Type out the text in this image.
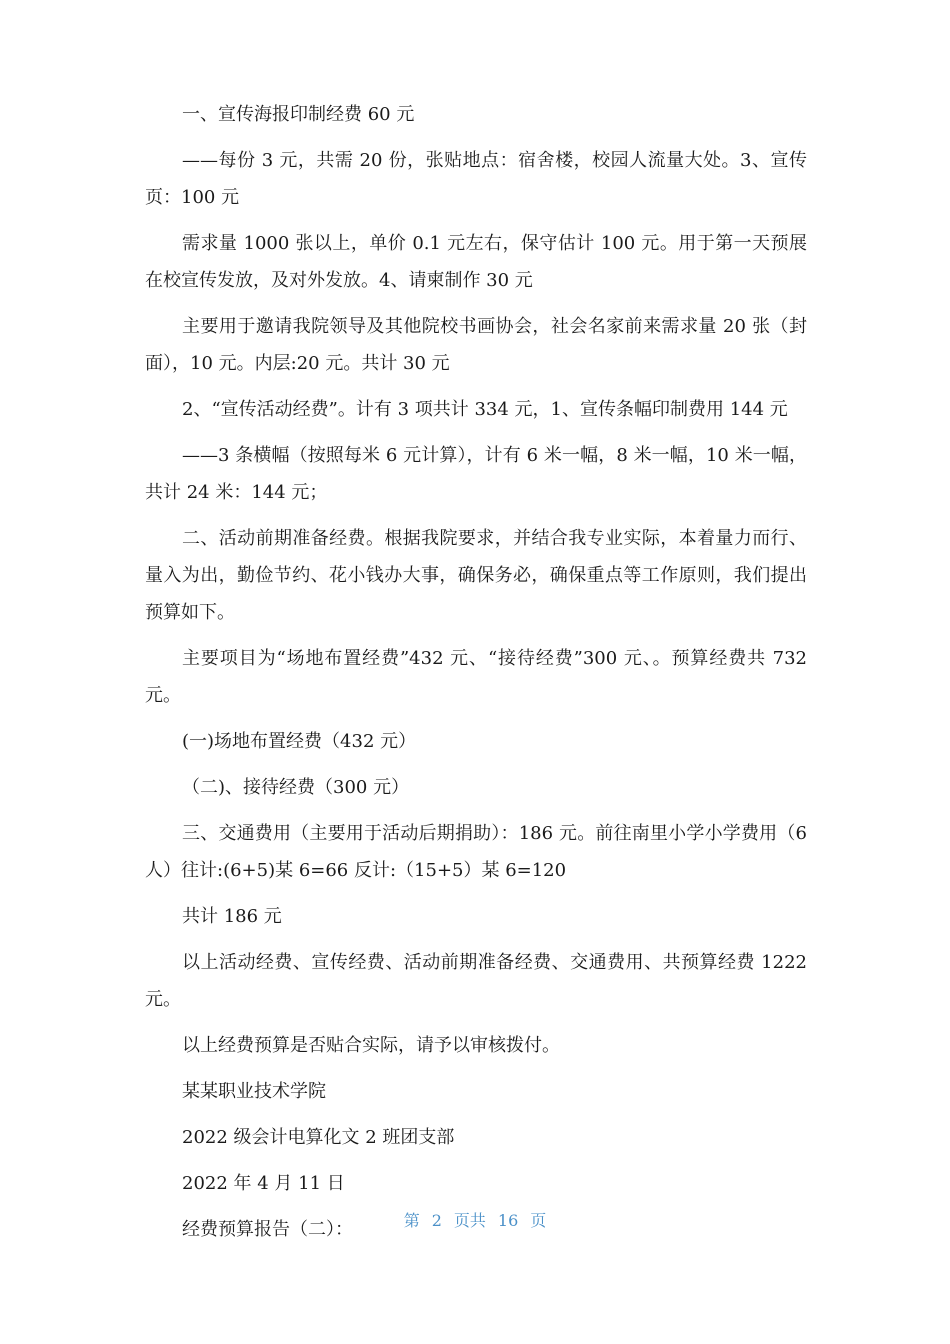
一、宣传海报印制经费 60 元

——每份 3 元，共需 20 份，张贴地点：宿舍楼，校园人流量大处。3、宣传页：100 元

需求量 1000 张以上，单价 0.1 元左右，保守估计 100 元。用于第一天预展在校宣传发放，及对外发放。4、请柬制作 30 元

主要用于邀请我院领导及其他院校书画协会，社会名家前来需求量 20 张（封面），10 元。内层:20 元。共计 30 元

2、“宣传活动经费”。计有 3 项共计 334 元，1、宣传条幅印制费用 144 元

——3 条横幅（按照每米 6 元计算），计有 6 米一幅，8 米一幅，10 米一幅，共计 24 米：144 元；

二、活动前期准备经费。根据我院要求，并结合我专业实际，本着量力而行、量入为出，勤俭节约、花小钱办大事，确保务必，确保重点等工作原则，我们提出预算如下。

主要项目为“场地布置经费”432 元、“接待经费”300 元、。预算经费共 732 元。

(一)场地布置经费（432 元）

（二)、接待经费（300 元）

三、交通费用（主要用于活动后期捐助）：186 元。前往南里小学小学费用（6 人）往计:(6+5)某 6=66 反计:（15+5）某 6=120

共计 186 元

以上活动经费、宣传经费、活动前期准备经费、交通费用、共预算经费 1222 元。

以上经费预算是否贴合实际，请予以审核拨付。

某某职业技术学院

2022 级会计电算化文 2 班团支部

2022 年 4 月 11 日

经费预算报告（二）：	第 2 页共 16 页
